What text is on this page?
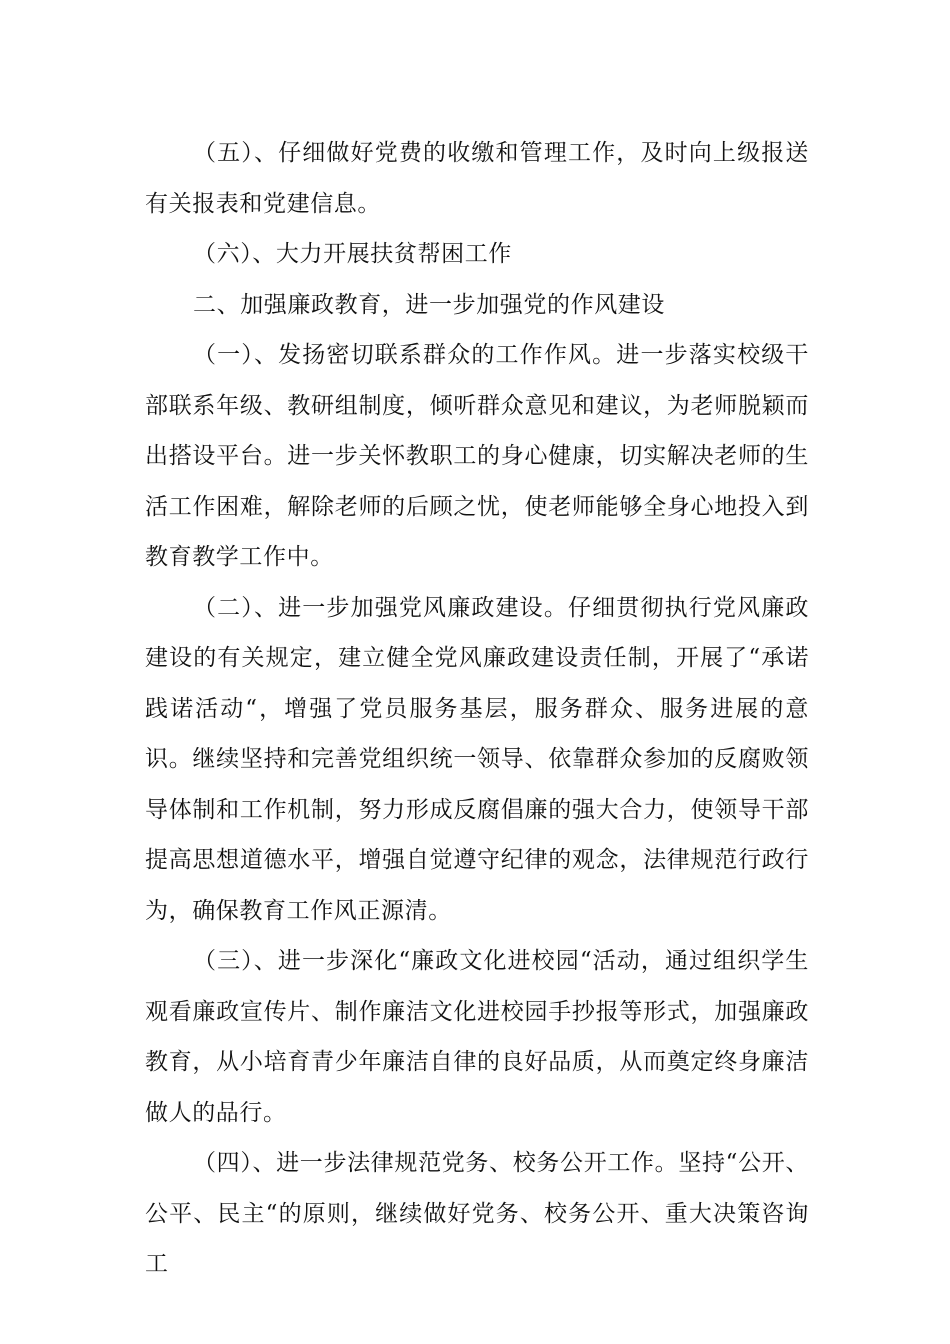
（五）、仔细做好党费的收缴和管理工作，及时向上级报送有关报表和党建信息。

（六）、大力开展扶贫帮困工作

二、加强廉政教育，进一步加强党的作风建设

（一）、发扬密切联系群众的工作作风。进一步落实校级干部联系年级、教研组制度，倾听群众意见和建议，为老师脱颖而出搭设平台。进一步关怀教职工的身心健康，切实解决老师的生活工作困难，解除老师的后顾之忧，使老师能够全身心地投入到教育教学工作中。

（二）、进一步加强党风廉政建设。仔细贯彻执行党风廉政建设的有关规定，建立健全党风廉政建设责任制，开展了“承诺践诺活动“，增强了党员服务基层，服务群众、服务进展的意识。继续坚持和完善党组织统一领导、依靠群众参加的反腐败领导体制和工作机制，努力形成反腐倡廉的强大合力，使领导干部提高思想道德水平，增强自觉遵守纪律的观念，法律规范行政行为，确保教育工作风正源清。

（三）、进一步深化“廉政文化进校园“活动，通过组织学生观看廉政宣传片、制作廉洁文化进校园手抄报等形式，加强廉政教育，从小培育青少年廉洁自律的良好品质，从而奠定终身廉洁做人的品行。

（四）、进一步法律规范党务、校务公开工作。坚持“公开、公平、民主“的原则，继续做好党务、校务公开、重大决策咨询工
